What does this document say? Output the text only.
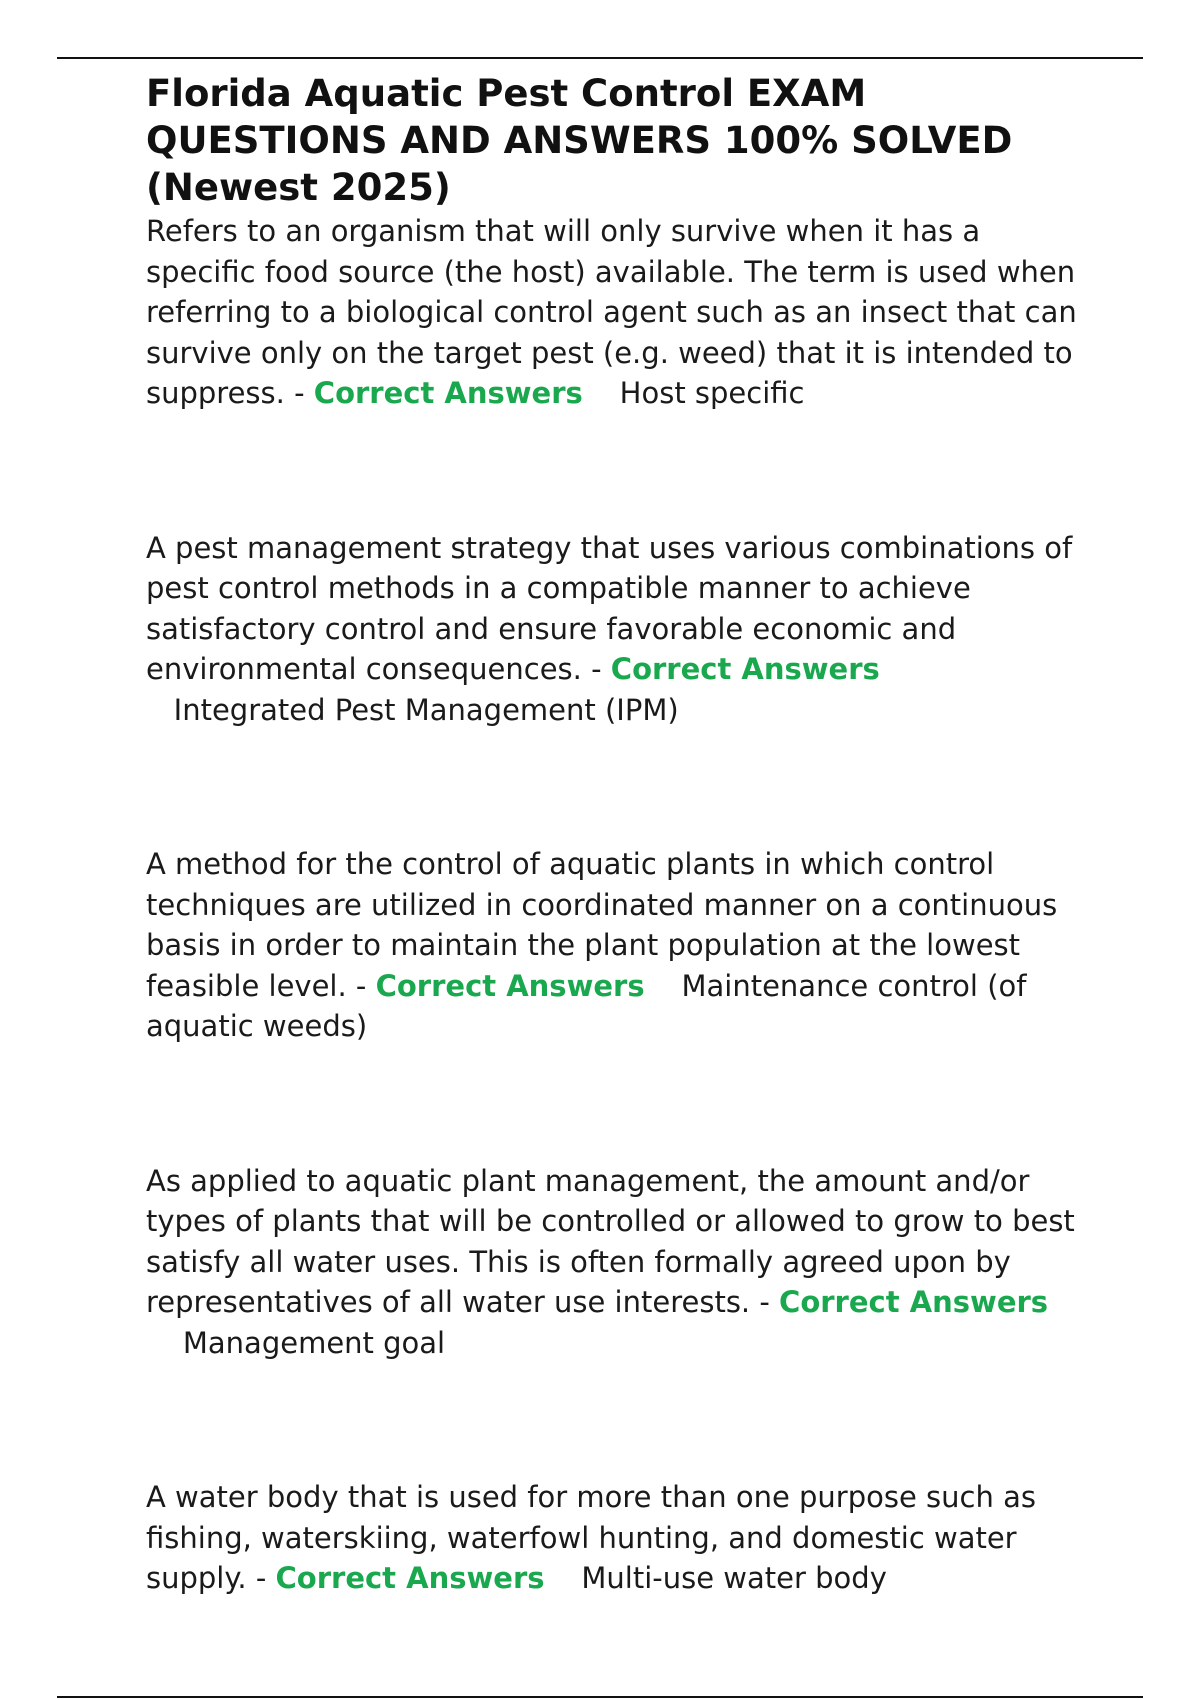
Florida Aquatic Pest Control EXAM QUESTIONS AND ANSWERS 100% SOLVED (Newest 2025)

Refers to an organism that will only survive when it has a specific food source (the host) available. The term is used when referring to a biological control agent such as an insect that can survive only on the target pest (e.g. weed) that it is intended to suppress. - Correct Answers Host specific

A pest management strategy that uses various combinations of pest control methods in a compatible manner to achieve satisfactory control and ensure favorable economic and environmental consequences. - Correct Answers
Integrated Pest Management (IPM)

A method for the control of aquatic plants in which control techniques are utilized in coordinated manner on a continuous basis in order to maintain the plant population at the lowest feasible level. - Correct Answers Maintenance control (of aquatic weeds)

As applied to aquatic plant management, the amount and/or types of plants that will be controlled or allowed to grow to best satisfy all water uses. This is often formally agreed upon by representatives of all water use interests. - Correct Answers    Management goal

A water body that is used for more than one purpose such as fishing, waterskiing, waterfowl hunting, and domestic water supply. - Correct Answers Multi-use water body
